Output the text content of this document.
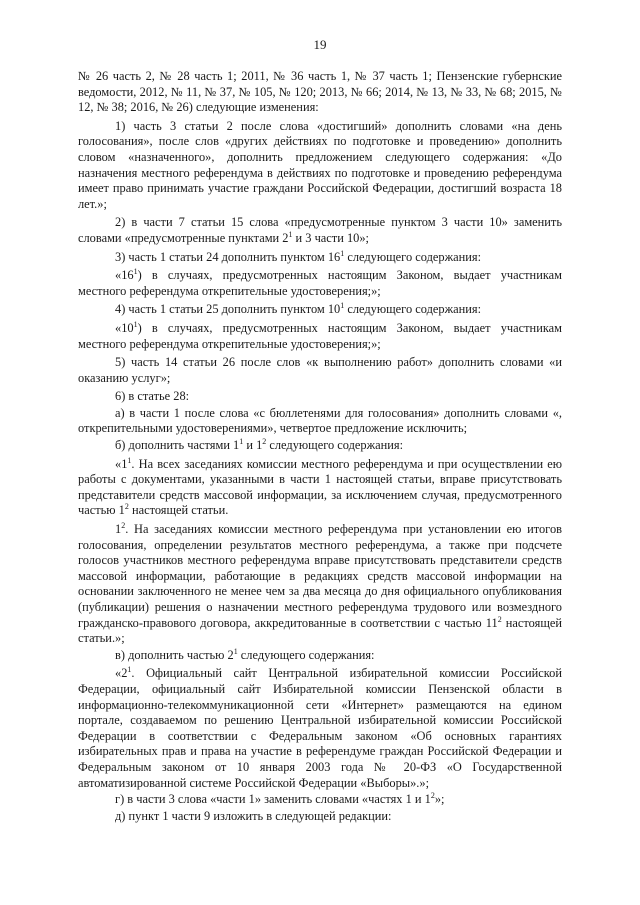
19

№ 26 часть 2, № 28 часть 1; 2011, № 36 часть 1, № 37 часть 1; Пензенские губернские ведомости, 2012, № 11, № 37, № 105, № 120; 2013, № 66; 2014, № 13, № 33, № 68; 2015, № 12, № 38; 2016, № 26) следующие изменения:

1) часть 3 статьи 2 после слова «достигший» дополнить словами «на день голосования», после слов «других действиях по подготовке и проведению» дополнить словом «назначенного», дополнить предложением следующего содержания: «До назначения местного референдума в действиях по подготовке и проведению референдума имеет право принимать участие граждани Российской Федерации, достигший возраста 18 лет.»;

2) в части 7 статьи 15 слова «предусмотренные пунктом 3 части 10» заменить словами «предусмотренные пунктами $2^1$ и 3 части 10»;

3) часть 1 статьи 24 дополнить пунктом $16^1$ следующего содержания:

«$16^1$) в случаях, предусмотренных настоящим Законом, выдает участникам местного референдума открепительные удостоверения;»;

4) часть 1 статьи 25 дополнить пунктом $10^1$ следующего содержания:

«$10^1$) в случаях, предусмотренных настоящим Законом, выдает участникам местного референдума открепительные удостоверения;»;

5) часть 14 статьи 26 после слов «к выполнению работ» дополнить словами «и оказанию услуг»;

6) в статье 28:

а) в части 1 после слова «с бюллетенями для голосования» дополнить словами «, открепительными удостоверениями», четвертое предложение исключить;

б) дополнить частями $1^1$ и $1^2$ следующего содержания:

«$1^1$. На всех заседаниях комиссии местного референдума и при осуществлении ею работы с документами, указанными в части 1 настоящей статьи, вправе присутствовать представители средств массовой информации, за исключением случая, предусмотренного частью $1^2$ настоящей статьи.

$1^2$. На заседаниях комиссии местного референдума при установлении ею итогов голосования, определении результатов местного референдума, а также при подсчете голосов участников местного референдума вправе присутствовать представители средств массовой информации, работающие в редакциях средств массовой информации на основании заключенного не менее чем за два месяца до дня официального опубликования (публикации) решения о назначении местного референдума трудового или возмездного гражданско-правового договора, аккредитованные в соответствии с частью $11^2$ настоящей статьи.»;

в) дополнить частью $2^1$ следующего содержания:

«$2^1$. Официальный сайт Центральной избирательной комиссии Российской Федерации, официальный сайт Избирательной комиссии Пензенской области в информационно-телекоммуникационной сети «Интернет» размещаются на едином портале, создаваемом по решению Центральной избирательной комиссии Российской Федерации в соответствии с Федеральным законом «Об основных гарантиях избирательных прав и права на участие в референдуме граждан Российской Федерации и Федеральным законом от 10 января 2003 года № 20-ФЗ «О Государственной автоматизированной системе Российской Федерации «Выборы».»;

г) в части 3 слова «части 1» заменить словами «частях 1 и $1^2$»;

д) пункт 1 части 9 изложить в следующей редакции:
